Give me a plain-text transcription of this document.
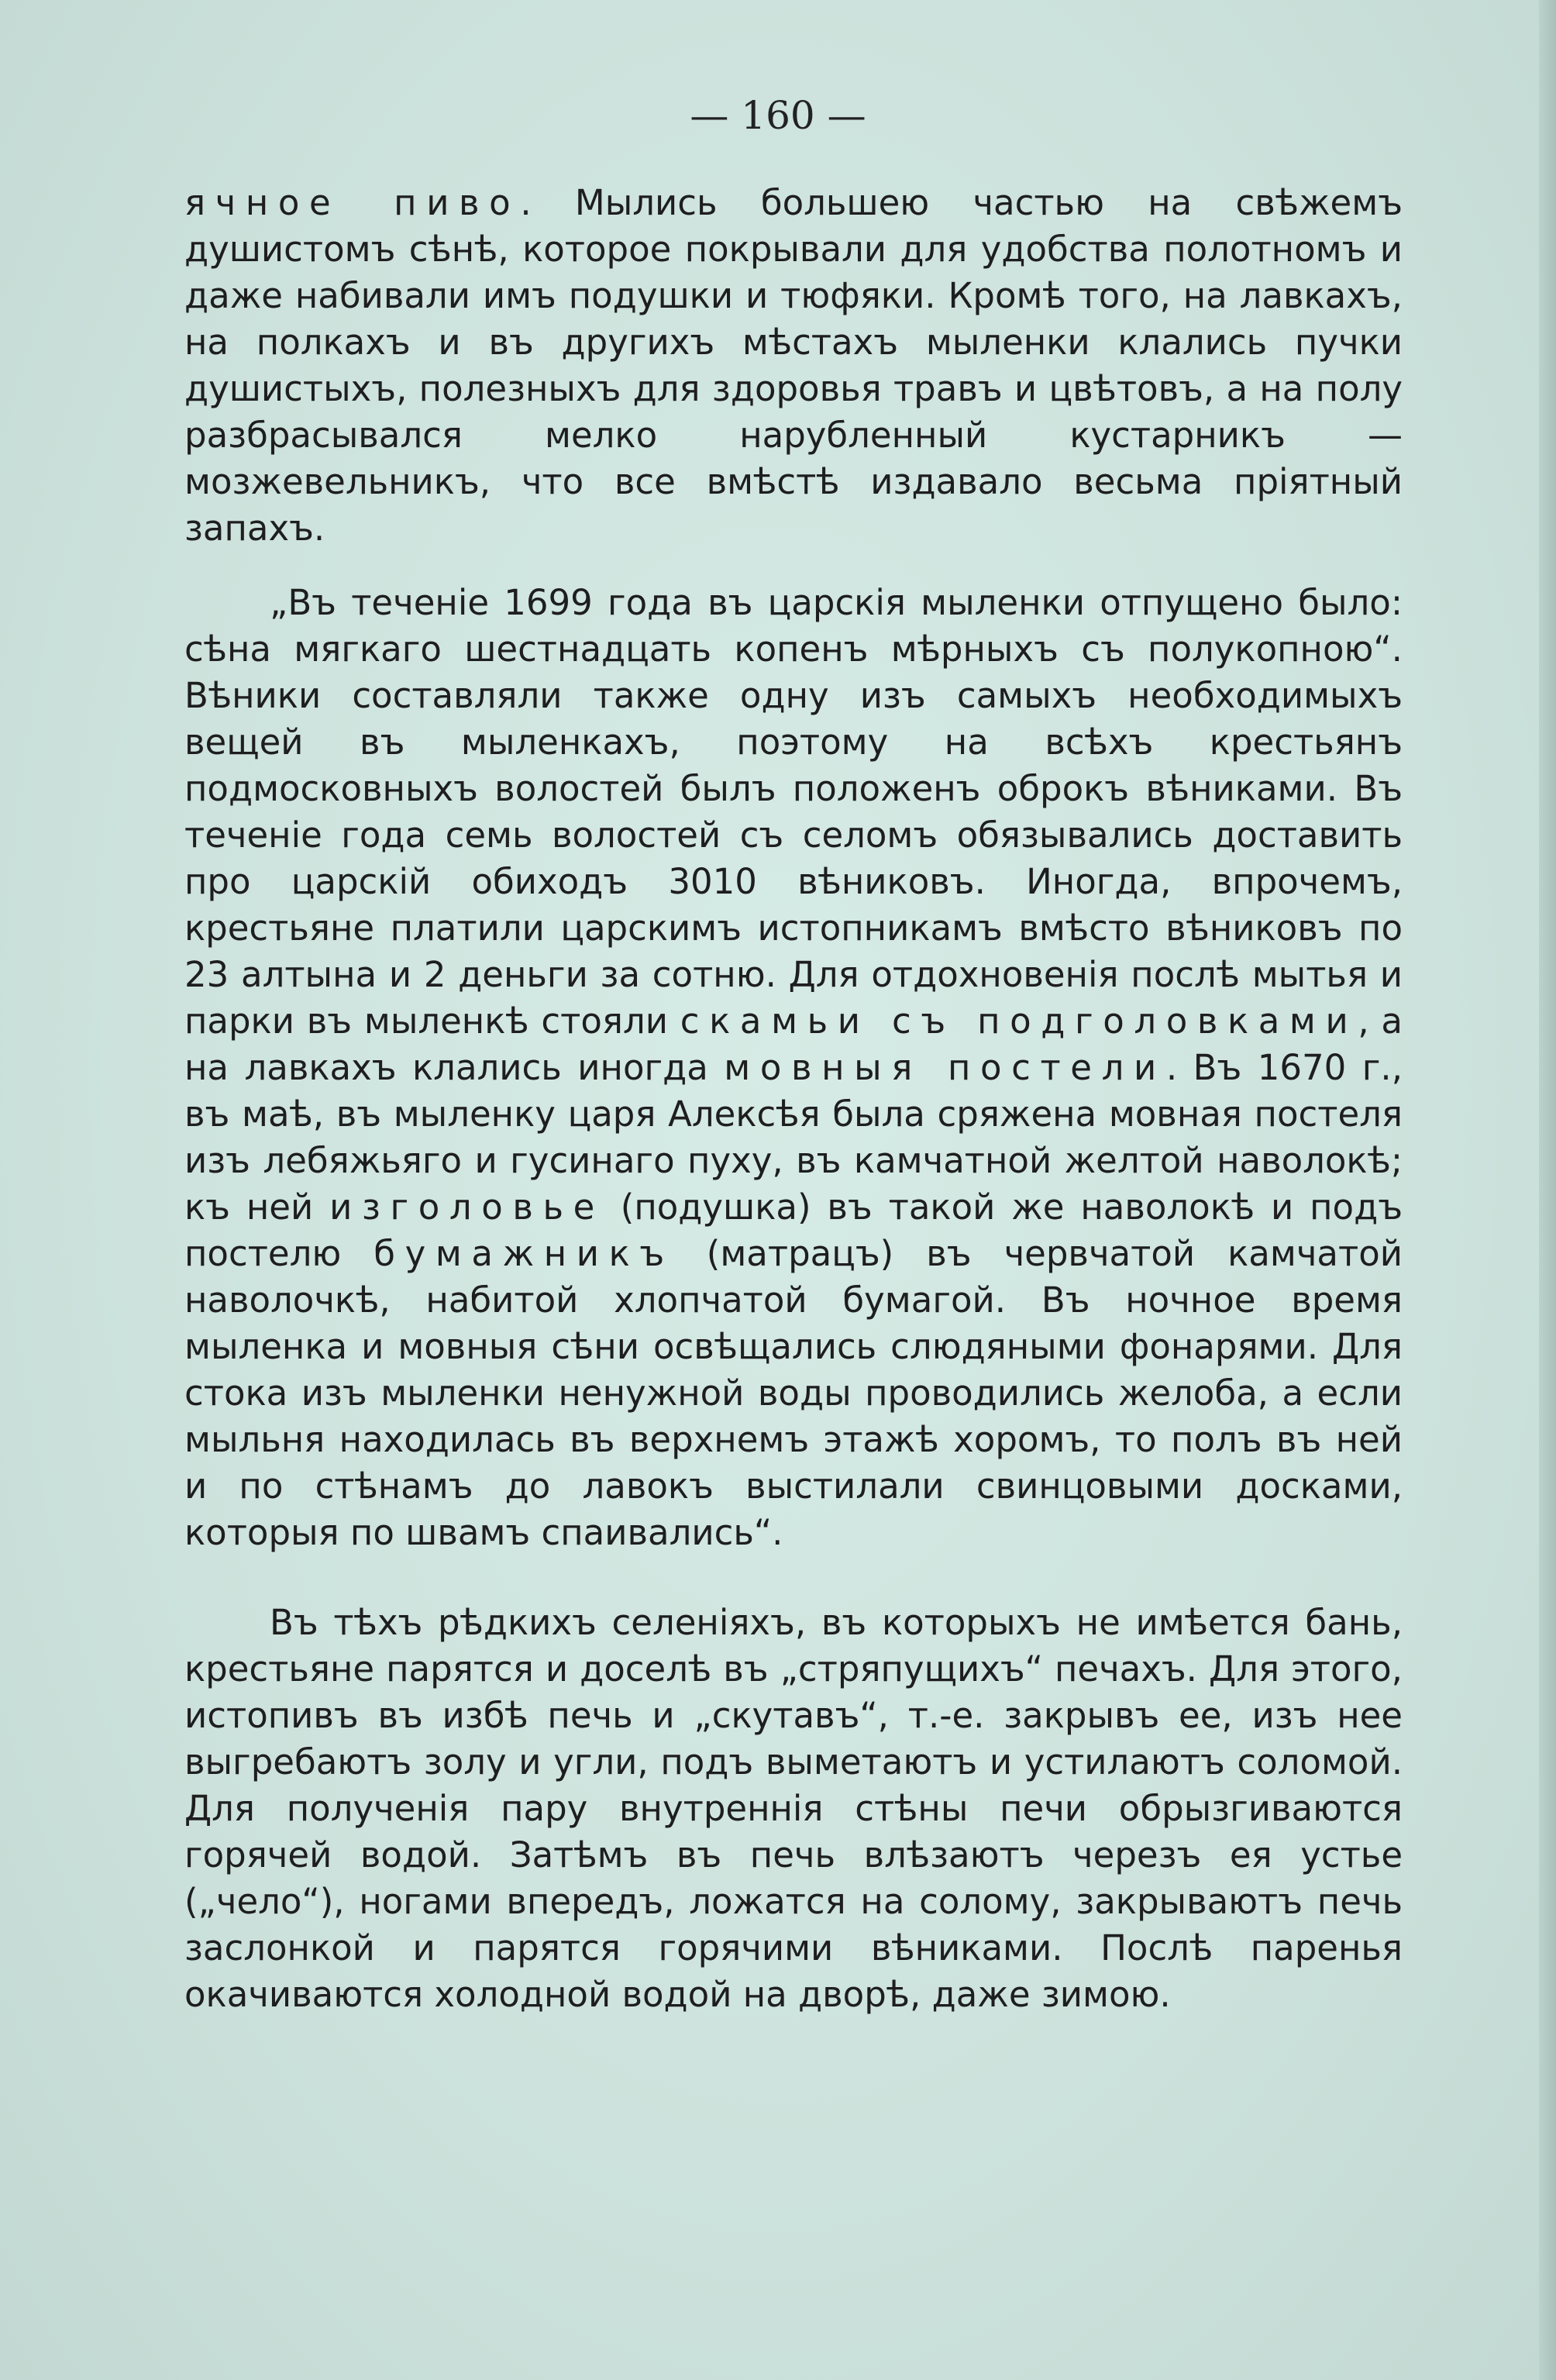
— 160 —

ячное пиво. Мылись большею частью на свѣжемъ душистомъ сѣнѣ, которое покрывали для удобства полотномъ и даже набивали имъ подушки и тюфяки. Кромѣ того, на лавкахъ, на полкахъ и въ другихъ мѣстахъ мыленки клались пучки душистыхъ, полезныхъ для здоровья травъ и цвѣтовъ, а на полу разбрасывался мелко нарубленный кустарникъ — мозжевельникъ, что все вмѣстѣ издавало весьма пріятный запахъ.

„Въ теченіе 1699 года въ царскія мыленки отпущено было: сѣна мягкаго шестнадцать копенъ мѣрныхъ съ полукопною“. Вѣники составляли также одну изъ самыхъ необходимыхъ вещей въ мыленкахъ, поэтому на всѣхъ крестьянъ подмосковныхъ волостей былъ положенъ оброкъ вѣниками. Въ теченіе года семь волостей съ селомъ обязывались доставить про царскій обиходъ 3010 вѣниковъ. Иногда, впрочемъ, крестьяне платили царскимъ истопникамъ вмѣсто вѣниковъ по 23 алтына и 2 деньги за сотню. Для отдохновенія послѣ мытья и парки въ мыленкѣ стояли скамьи съ подголовками, а на лавкахъ клались иногда мовныя постели. Въ 1670 г., въ маѣ, въ мыленку царя Алексѣя была сряжена мовная постеля изъ лебяжьяго и гусинаго пуху, въ камчатной желтой наволокѣ; къ ней изголовье (подушка) въ такой же наволокѣ и подъ постелю бумажникъ (матрацъ) въ червчатой камчатой наволочкѣ, набитой хлопчатой бумагой. Въ ночное время мыленка и мовныя сѣни освѣщались слюдяными фонарями. Для стока изъ мыленки ненужной воды проводились желоба, а если мыльня находилась въ верхнемъ этажѣ хоромъ, то полъ въ ней и по стѣнамъ до лавокъ выстилали свинцовыми досками, которыя по швамъ спаивались“.

Въ тѣхъ рѣдкихъ селеніяхъ, въ которыхъ не имѣется бань, крестьяне парятся и доселѣ въ „стряпущихъ“ печахъ. Для этого, истопивъ въ избѣ печь и „скутавъ“, т.-е. закрывъ ее, изъ нее выгребаютъ золу и угли, подъ выметаютъ и устилаютъ соломой. Для полученія пару внутреннія стѣны печи обрызгиваются горячей водой. Затѣмъ въ печь влѣзаютъ черезъ ея устье („чело“), ногами впередъ, ложатся на солому, закрываютъ печь заслонкой и парятся горячими вѣниками. Послѣ паренья окачиваются холодной водой на дворѣ, даже зимою.
